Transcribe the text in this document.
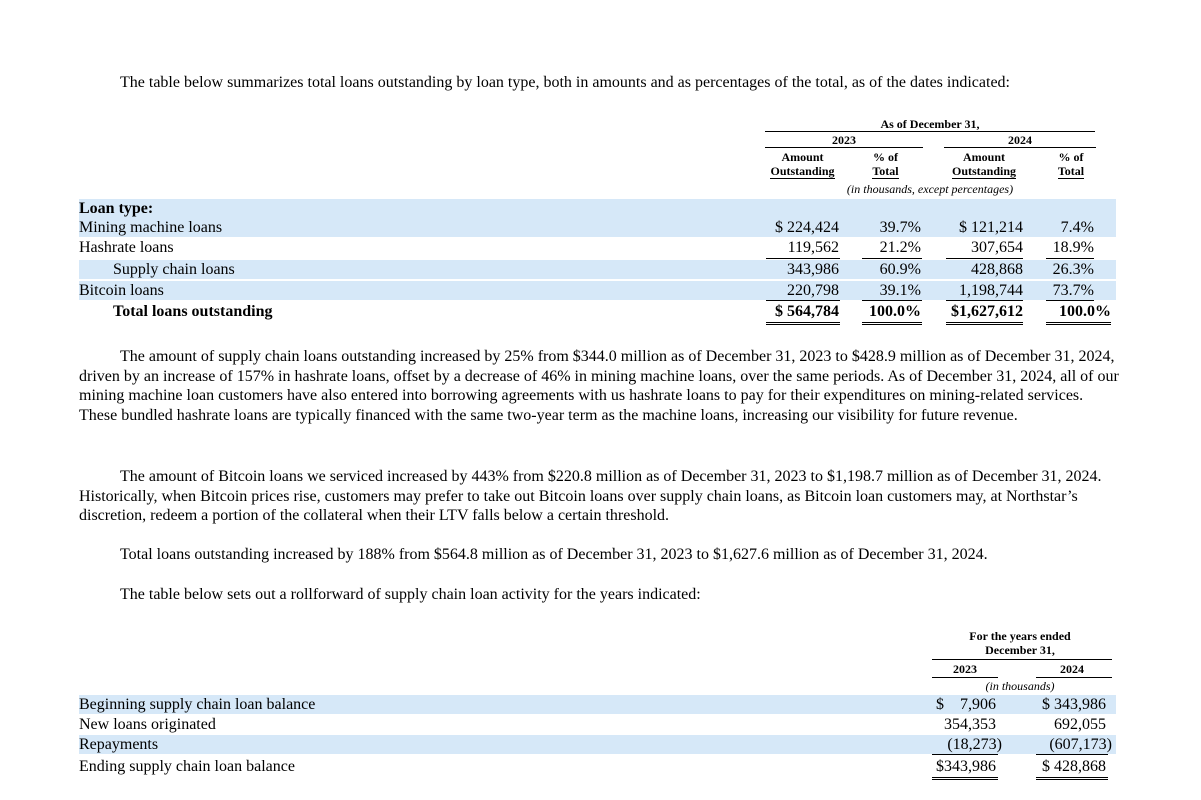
The table below summarizes total loans outstanding by loan type, both in amounts and as percentages of the total, as of the dates indicated:

As of December 31,
2023	2024
Amount
Outstanding
% of
Total
Amount
Outstanding
% of
Total
(in thousands, except percentages)
Loan type:
Mining machine loans	$ 224,424	39.7%	$ 121,214	7.4%
Hashrate loans	119,562	21.2%	307,654	18.9%
Supply chain loans	343,986	60.9%	428,868	26.3%
Bitcoin loans	220,798	39.1%	1,198,744	73.7%
Total loans outstanding	$ 564,784	100.0%	$1,627,612	100.0%

The amount of supply chain loans outstanding increased by 25% from $344.0 million as of December 31, 2023 to $428.9 million as of December 31, 2024, driven by an increase of 157% in hashrate loans, offset by a decrease of 46% in mining machine loans, over the same periods. As of December 31, 2024, all of our mining machine loan customers have also entered into borrowing agreements with us hashrate loans to pay for their expenditures on mining-related services. These bundled hashrate loans are typically financed with the same two-year term as the machine loans, increasing our visibility for future revenue.

The amount of Bitcoin loans we serviced increased by 443% from $220.8 million as of December 31, 2023 to $1,198.7 million as of December 31, 2024. Historically, when Bitcoin prices rise, customers may prefer to take out Bitcoin loans over supply chain loans, as Bitcoin loan customers may, at Northstar’s discretion, redeem a portion of the collateral when their LTV falls below a certain threshold.

Total loans outstanding increased by 188% from $564.8 million as of December 31, 2023 to $1,627.6 million as of December 31, 2024.

The table below sets out a rollforward of supply chain loan activity for the years indicated:

For the years ended
December 31,
2023	2024
(in thousands)
Beginning supply chain loan balance	$    7,906	$ 343,986
New loans originated	354,353	692,055
Repayments	(18,273)	(607,173)
Ending supply chain loan balance	$343,986	$ 428,868
